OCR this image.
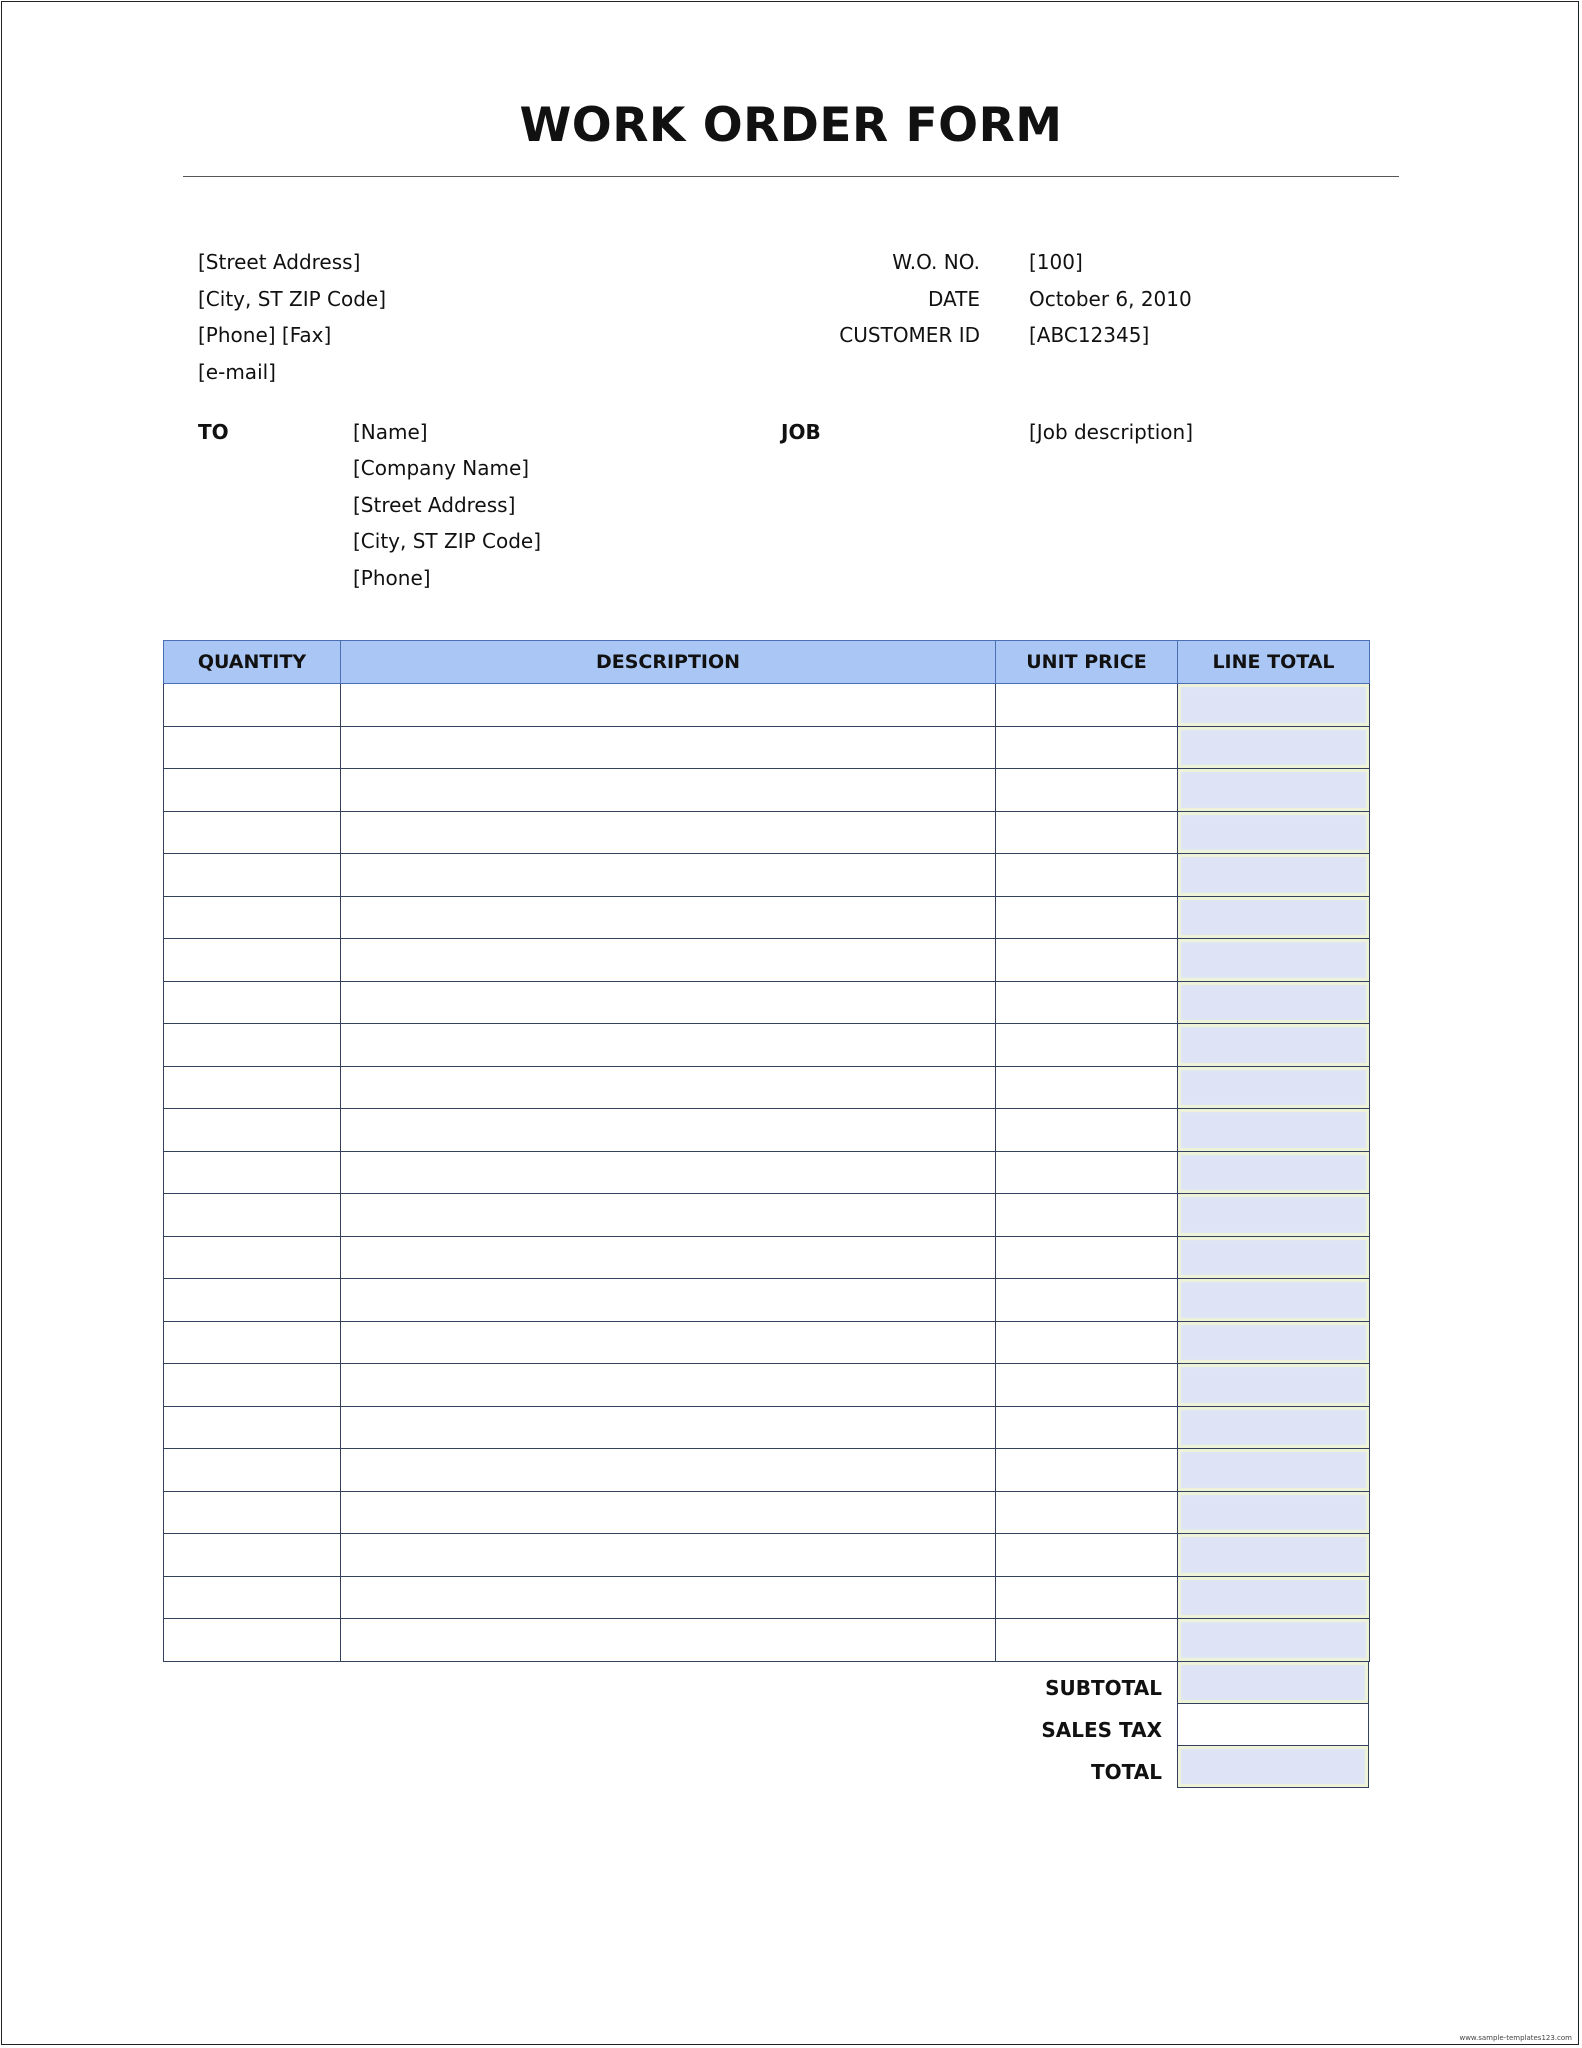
WORK ORDER FORM
[Street Address]
[City, ST ZIP Code]
[Phone] [Fax]
[e-mail]
W.O. NO. [100]
DATE October 6, 2010
CUSTOMER ID [ABC12345]
TO	[Name]
[Company Name]
[Street Address]
[City, ST ZIP Code]
[Phone]
JOB	[Job description]
QUANTITY	DESCRIPTION	UNIT PRICE	LINE TOTAL

SUBTOTAL
SALES TAX
TOTAL
www.sample-templates123.com
